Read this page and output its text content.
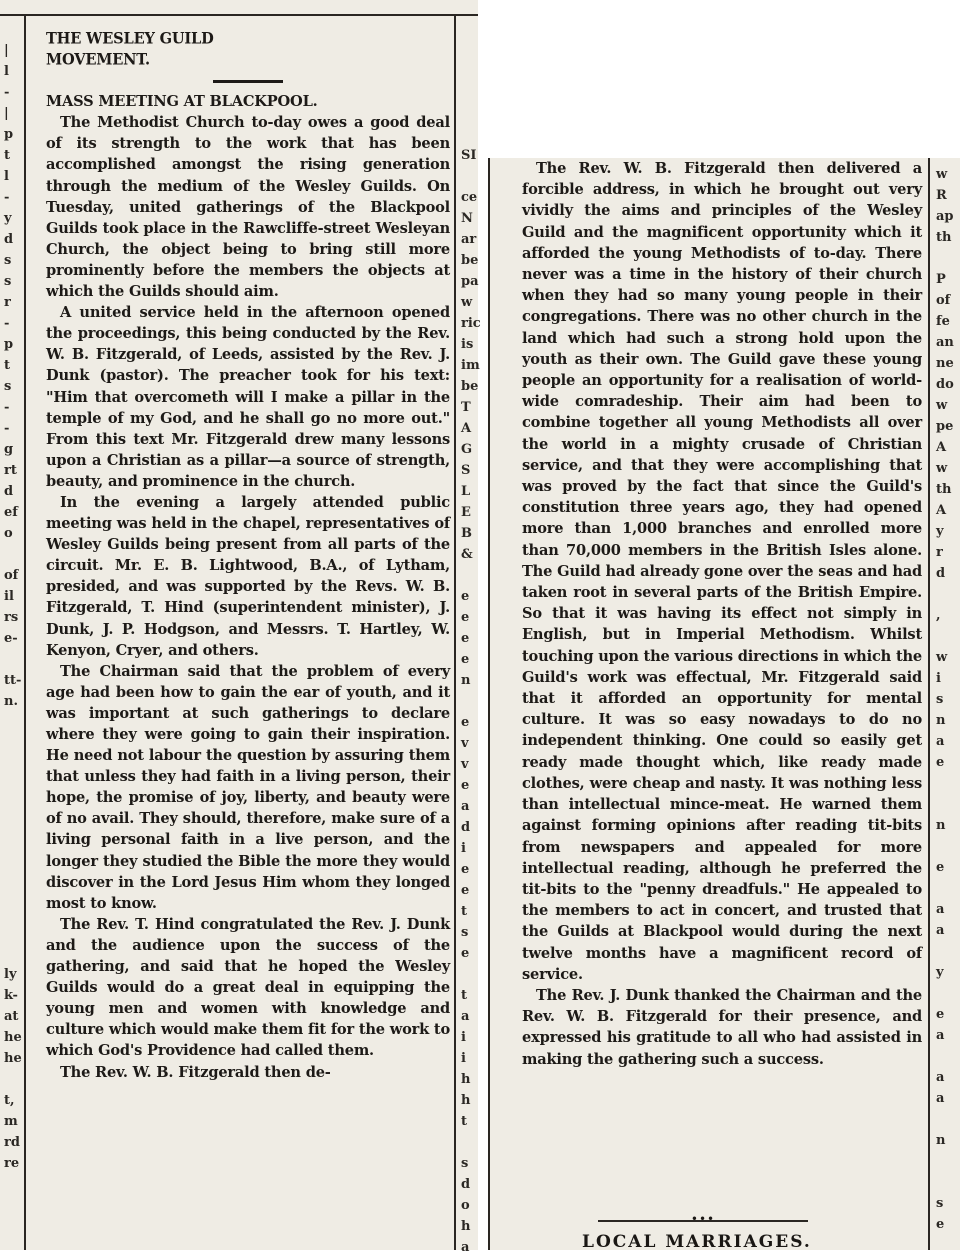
|
l
-
|
p
t
l
-
y
d
s
s
r
-
p
t
s
-
-
g
rt
d
ef
o

of
il
rs
e-

tt-
n.

ly
k-
at
he
he

t,
m
rd
re

SI

ce
N
ar
be
pa
w
ric
is
im
be
T
A
G
S
L
E
B
&

e
e
e
e
n

e
v
v
e
a
d
i
e
e
t
s
e

t
a
i
i
h
h
t

s
d
o
h
a

THE WESLEY GUILD

MOVEMENT.

MASS MEETING AT BLACKPOOL.

The Methodist Church to-day owes a good deal of its strength to the work that has been accomplished amongst the rising generation through the medium of the Wesley Guilds. On Tuesday, united gatherings of the Blackpool Guilds took place in the Rawcliffe-street Wesleyan Church, the object being to bring still more prominently before the members the objects at which the Guilds should aim.

A united service held in the afternoon opened the proceedings, this being conducted by the Rev. W. B. Fitzgerald, of Leeds, assisted by the Rev. J. Dunk (pastor). The preacher took for his text: "Him that overcometh will I make a pillar in the temple of my God, and he shall go no more out." From this text Mr. Fitzgerald drew many lessons upon a Christian as a pillar—a source of strength, beauty, and prominence in the church.

In the evening a largely attended public meeting was held in the chapel, representatives of Wesley Guilds being present from all parts of the circuit. Mr. E. B. Lightwood, B.A., of Lytham, presided, and was supported by the Revs. W. B. Fitzgerald, T. Hind (superintendent minister), J. Dunk, J. P. Hodgson, and Messrs. T. Hartley, W. Kenyon, Cryer, and others.

The Chairman said that the problem of every age had been how to gain the ear of youth, and it was important at such gatherings to declare where they were going to gain their inspiration. He need not labour the question by assuring them that unless they had faith in a living person, their hope, the promise of joy, liberty, and beauty were of no avail. They should, therefore, make sure of a living personal faith in a live person, and the longer they studied the Bible the more they would discover in the Lord Jesus Him whom they longed most to know.

The Rev. T. Hind congratulated the Rev. J. Dunk and the audience upon the success of the gathering, and said that he hoped the Wesley Guilds would do a great deal in equipping the young men and women with knowledge and culture which would make them fit for the work to which God's Providence had called them.

The Rev. W. B. Fitzgerald then de-

w
R
ap
th

P
of
fe
an
ne
do
w
pe
A
w
th
A
y
r
d

,

w
i
s
n
a
e

n

e

a
a

y

e
a

a
a

n

s
e

The Rev. W. B. Fitzgerald then delivered a forcible address, in which he brought out very vividly the aims and principles of the Wesley Guild and the magnificent opportunity which it afforded the young Methodists of to-day. There never was a time in the history of their church when they had so many young people in their congregations. There was no other church in the land which had such a strong hold upon the youth as their own. The Guild gave these young people an opportunity for a realisation of world-wide comradeship. Their aim had been to combine together all young Methodists all over the world in a mighty crusade of Christian service, and that they were accomplishing that was proved by the fact that since the Guild's constitution three years ago, they had opened more than 1,000 branches and enrolled more than 70,000 members in the British Isles alone. The Guild had already gone over the seas and had taken root in several parts of the British Empire. So that it was having its effect not simply in English, but in Imperial Methodism. Whilst touching upon the various directions in which the Guild's work was effectual, Mr. Fitzgerald said that it afforded an opportunity for mental culture. It was so easy nowadays to do no independent thinking. One could so easily get ready made thought which, like ready made clothes, were cheap and nasty. It was nothing less than intellectual mince-meat. He warned them against forming opinions after reading tit-bits from newspapers and appealed for more intellectual reading, although he preferred the tit-bits to the "penny dreadfuls." He appealed to the members to act in concert, and trusted that the Guilds at Blackpool would during the next twelve months have a magnificent record of service.

The Rev. J. Dunk thanked the Chairman and the Rev. W. B. Fitzgerald for their presence, and expressed his gratitude to all who had assisted in making the gathering such a success.

•••
LOCAL MARRIAGES.
